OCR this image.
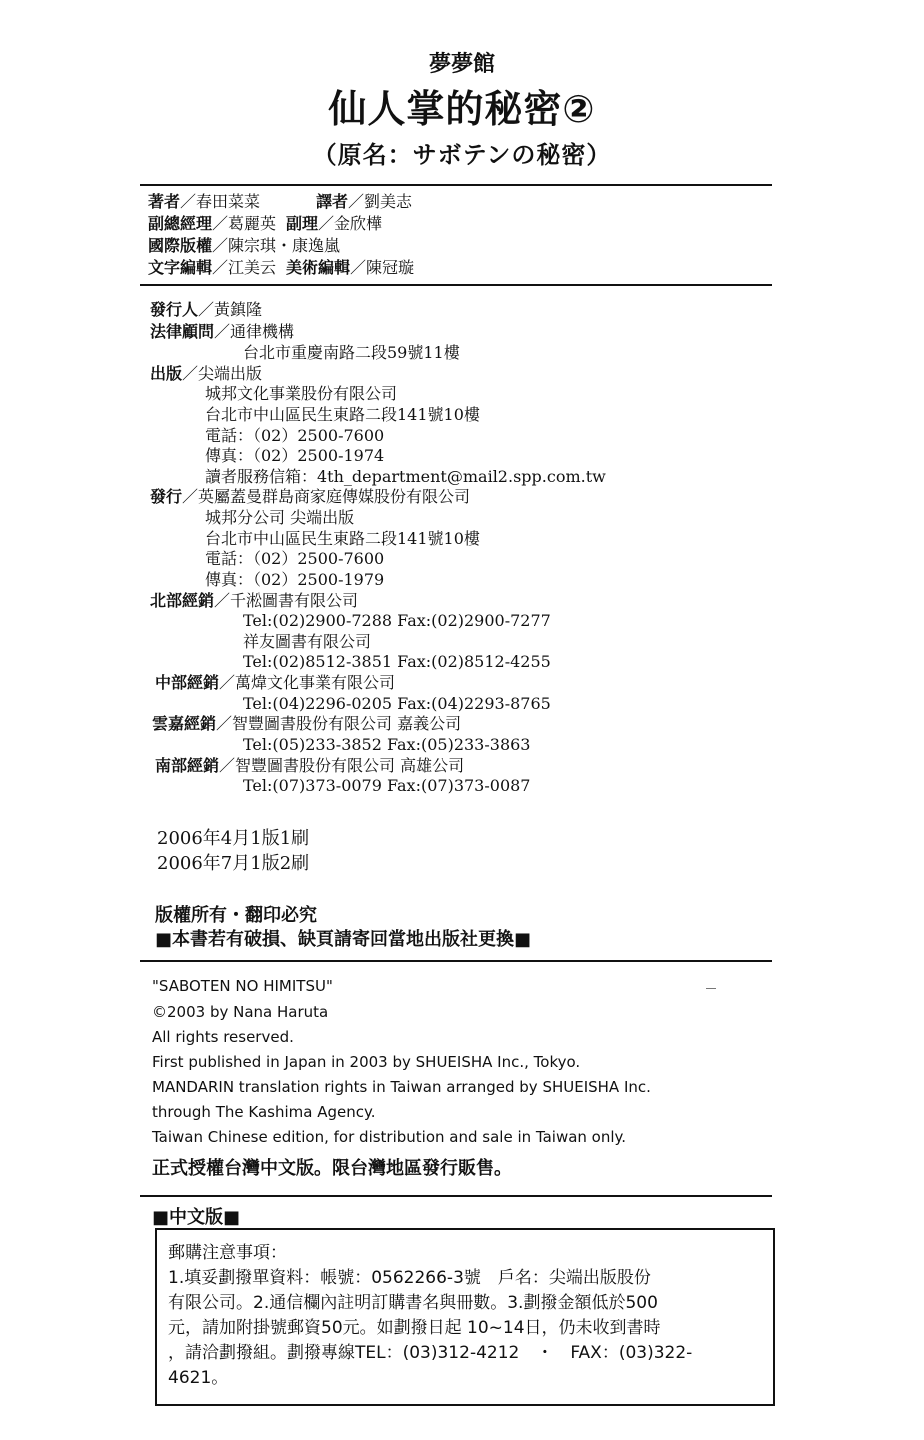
夢夢館
仙人掌的秘密②
（原名：サボテンの秘密）
著者／春田菜菜	譯者／劉美志
副總經理／葛麗英 副理／金欣樺
國際版權／陳宗琪・康逸嵐
文字編輯／江美云 美術編輯／陳冠璇
發行人／黃鎮隆
法律顧問／通律機構
台北市重慶南路二段59號11樓
出版／尖端出版
城邦文化事業股份有限公司
台北市中山區民生東路二段141號10樓
電話：（02）2500-7600
傳真：（02）2500-1974
讀者服務信箱：4th_department@mail2.spp.com.tw
發行／英屬蓋曼群島商家庭傳媒股份有限公司
城邦分公司 尖端出版
台北市中山區民生東路二段141號10樓
電話：（02）2500-7600
傳真：（02）2500-1979
北部經銷／千淞圖書有限公司
Tel:(02)2900-7288 Fax:(02)2900-7277
祥友圖書有限公司
Tel:(02)8512-3851 Fax:(02)8512-4255
中部經銷／萬煒文化事業有限公司
Tel:(04)2296-0205 Fax:(04)2293-8765
雲嘉經銷／智豐圖書股份有限公司 嘉義公司
Tel:(05)233-3852 Fax:(05)233-3863
南部經銷／智豐圖書股份有限公司 高雄公司
Tel:(07)373-0079 Fax:(07)373-0087
2006年4月1版1刷
2006年7月1版2刷
版權所有・翻印必究
■本書若有破損、缺頁請寄回當地出版社更換■
"SABOTEN NO HIMITSU"
©2003 by Nana Haruta
All rights reserved.
First published in Japan in 2003 by SHUEISHA Inc., Tokyo.
MANDARIN translation rights in Taiwan arranged by SHUEISHA Inc.
through The Kashima Agency.
Taiwan Chinese edition, for distribution and sale in Taiwan only.
正式授權台灣中文版。限台灣地區發行販售。
■中文版■
郵購注意事項：
1.填妥劃撥單資料：帳號：0562266-3號　戶名：尖端出版股份
有限公司。2.通信欄內註明訂購書名與冊數。3.劃撥金額低於500
元，請加附掛號郵資50元。如劃撥日起 10~14日，仍未收到書時
，請洽劃撥組。劃撥專線TEL：(03)312-4212　・　FAX：(03)322-
4621。
